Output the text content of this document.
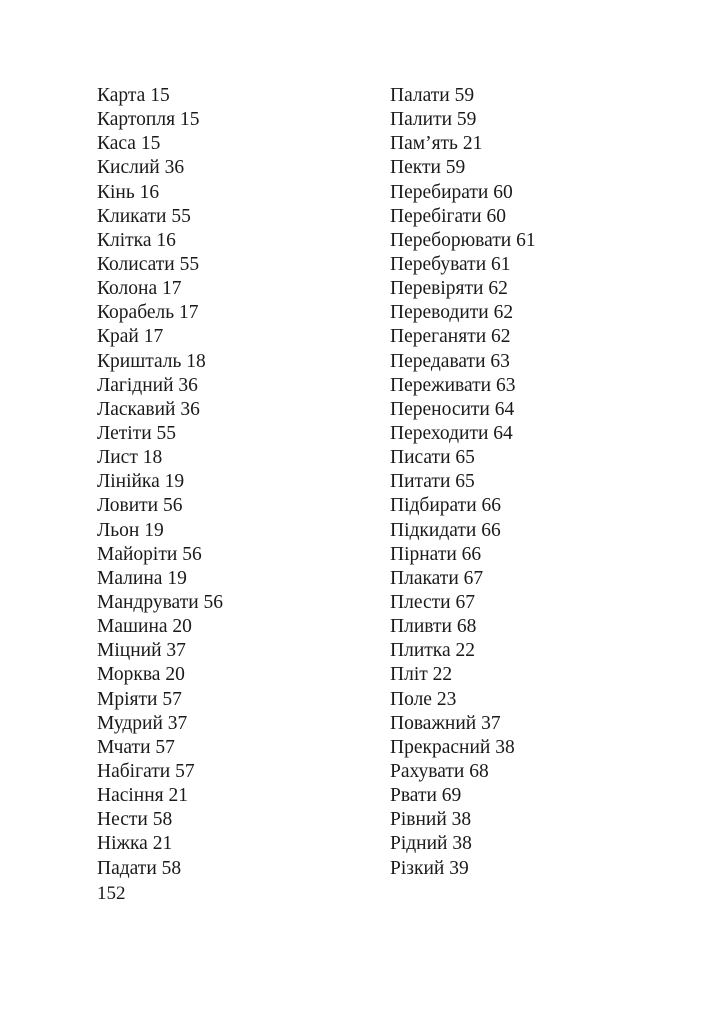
Карта 15
Картопля 15
Каса 15
Кислий 36
Кінь 16
Кликати 55
Клітка 16
Колисати 55
Колона 17
Корабель 17
Край 17
Кришталь 18
Лагідний 36
Ласкавий 36
Летіти 55
Лист 18
Лінійка 19
Ловити 56
Льон 19
Майоріти 56
Малина 19
Мандрувати 56
Машина 20
Міцний 37
Морква 20
Мріяти 57
Мудрий 37
Мчати 57
Набігати 57
Насіння 21
Нести 58
Ніжка 21
Падати 58
Палати 59
Палити 59
Пам’ять 21
Пекти 59
Перебирати 60
Перебігати 60
Переборювати 61
Перебувати 61
Перевіряти 62
Переводити 62
Переганяти 62
Передавати 63
Переживати 63
Переносити 64
Переходити 64
Писати 65
Питати 65
Підбирати 66
Підкидати 66
Пірнати 66
Плакати 67
Плести 67
Пливти 68
Плитка 22
Пліт 22
Поле 23
Поважний 37
Прекрасний 38
Рахувати 68
Рвати 69
Рівний 38
Рідний 38
Різкий 39
152
